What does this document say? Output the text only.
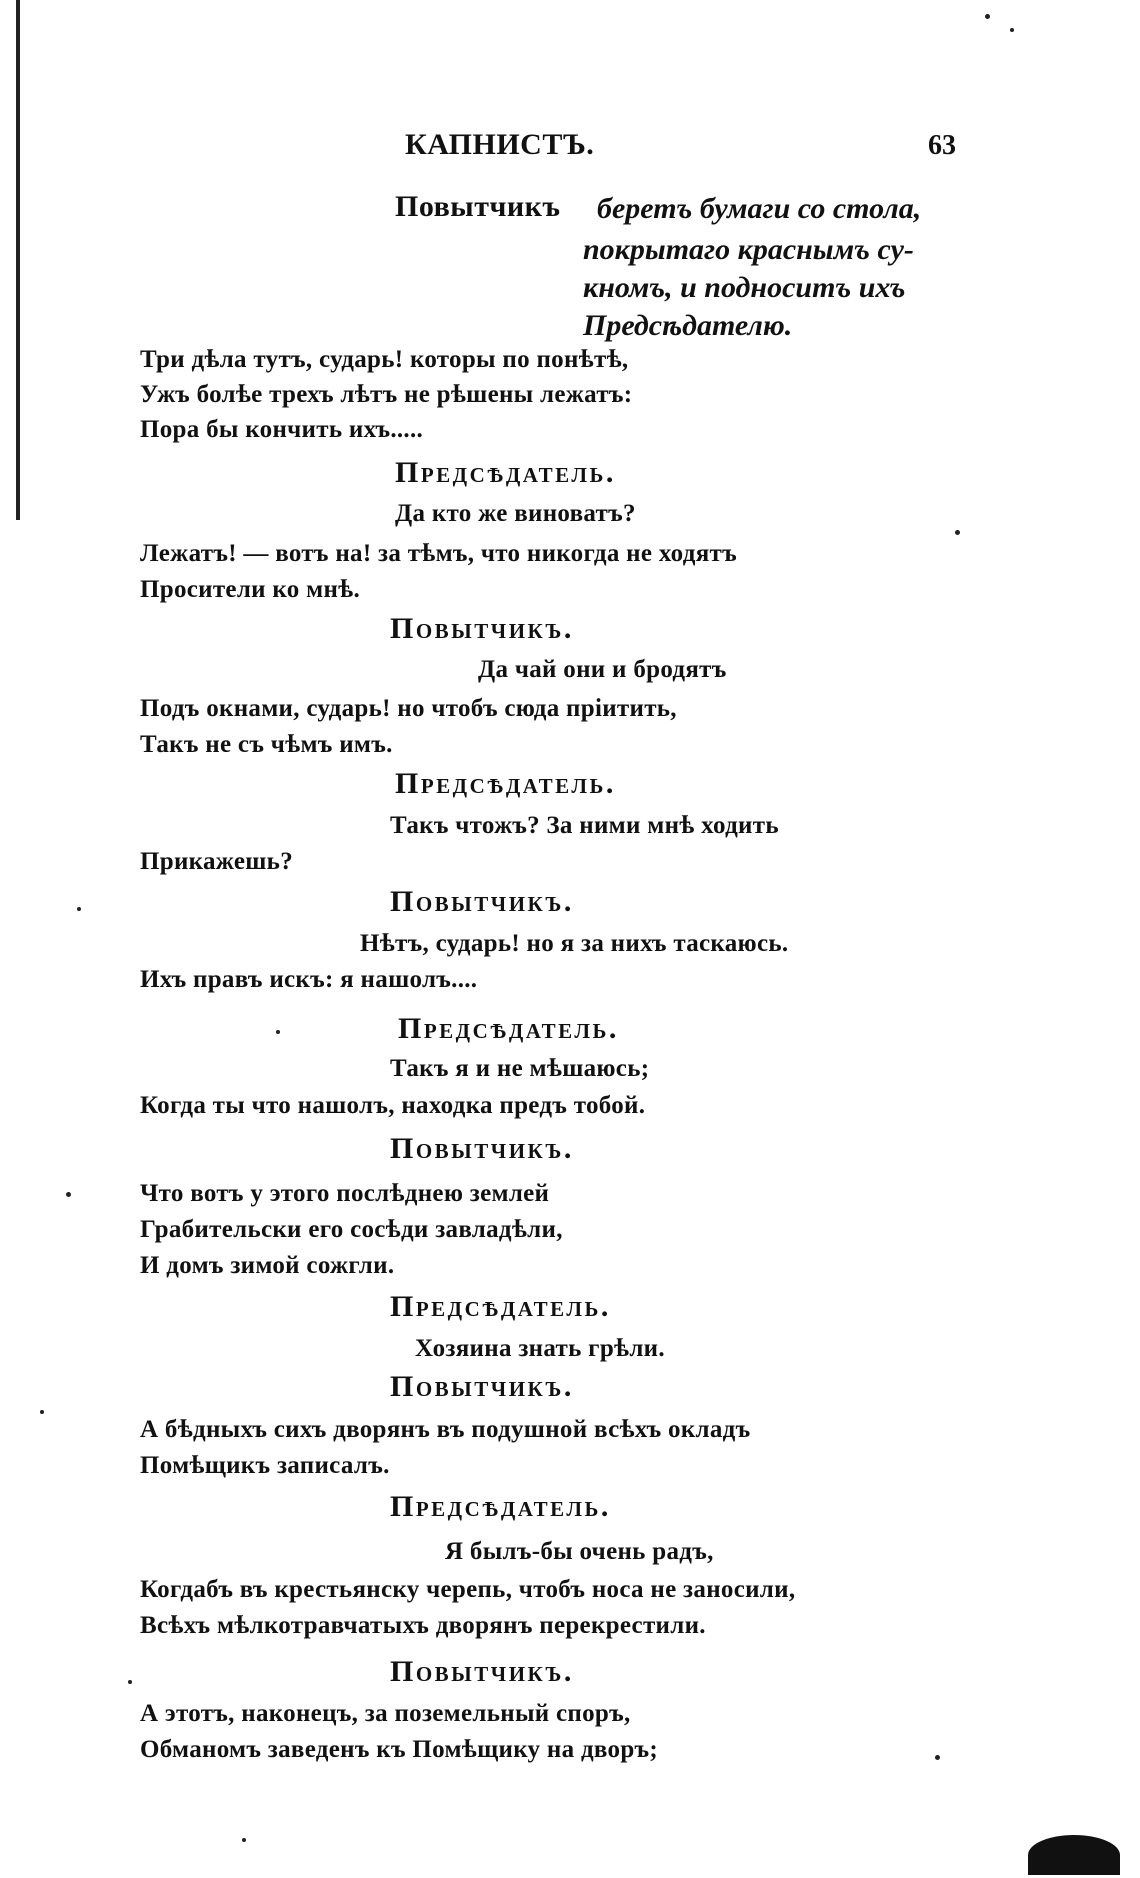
КАПНИСТЪ.	63
Повытчикъ беретъ бумаги со стола,
покрытаго краснымъ су-
кномъ, и подноситъ ихъ
Предсѣдателю.
Три дѣла тутъ, сударь! которы по понѣтѣ,
Ужъ болѣе трехъ лѣтъ не рѣшены лежатъ:
Пора бы кончить ихъ.....
Предсѣдатель.
Да кто же виноватъ?
Лежатъ! — вотъ на! за тѣмъ, что никогда не ходятъ
Просители ко мнѣ.
Повытчикъ.
Да чай они и бродятъ
Подъ окнами, сударь! но чтобъ сюда пріитить,
Такъ не съ чѣмъ имъ.
Предсѣдатель.
Такъ чтожъ? За ними мнѣ ходить
Прикажешь?
Повытчикъ.
Нѣтъ, сударь! но я за нихъ таскаюсь.
Ихъ правъ искъ: я нашолъ....
Предсѣдатель.
Такъ я и не мѣшаюсь;
Когда ты что нашолъ, находка предъ тобой.
Повытчикъ.
Что вотъ у этого послѣднею землей
Грабительски его сосѣди завладѣли,
И домъ зимой сожгли.
Предсѣдатель.
Хозяина знать грѣли.
Повытчикъ.
А бѣдныхъ сихъ дворянъ въ подушной всѣхъ окладъ
Помѣщикъ записалъ.
Предсѣдатель.
Я былъ-бы очень радъ,
Когдабъ въ крестьянску черепь, чтобъ носа не заносили,
Всѣхъ мѣлкотравчатыхъ дворянъ перекрестили.
Повытчикъ.
А этотъ, наконецъ, за поземельный споръ,
Обманомъ заведенъ къ Помѣщику на дворъ;
